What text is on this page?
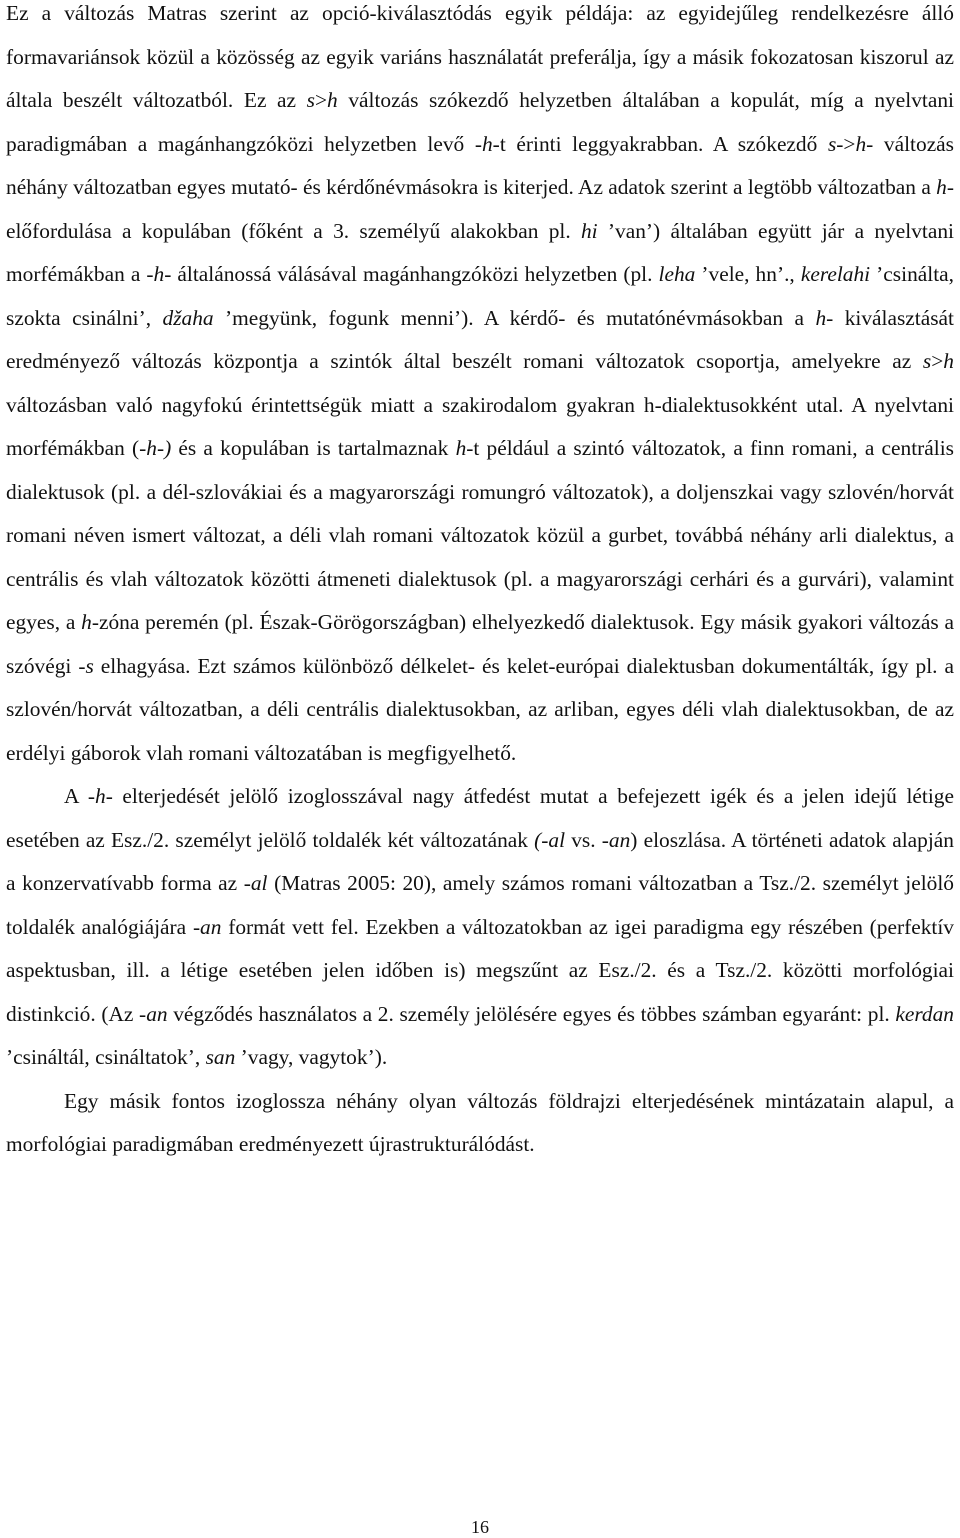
Ez a változás Matras szerint az opció-kiválasztódás egyik példája: az egyidejűleg rendelkezésre álló formavariánsok közül a közösség az egyik variáns használatát preferálja, így a másik fokozatosan kiszorul az általa beszélt változatból. Ez az s>h változás szókezdő helyzetben általában a kopulát, míg a nyelvtani paradigmában a magánhangzóközi helyzetben levő -h-t érinti leggyakrabban. A szókezdő s->h- változás néhány változatban egyes mutató- és kérdőnévmásokra is kiterjed. Az adatok szerint a legtöbb változatban a h- előfordulása a kopulában (főként a 3. személyű alakokban pl. hi ’van’) általában együtt jár a nyelvtani morfémákban a -h- általánossá válásával magánhangzóközi helyzetben (pl. leha ’vele, hn’., kerelahi ’csinálta, szokta csinálni’, džaha ’megyünk, fogunk menni’). A kérdő- és mutatónévmásokban a h- kiválasztását eredményező változás központja a szintók által beszélt romani változatok csoportja, amelyekre az s>h változásban való nagyfokú érintettségük miatt a szakirodalom gyakran h-dialektusokként utal. A nyelvtani morfémákban (-h-) és a kopulában is tartalmaznak h-t például a szintó változatok, a finn romani, a centrális dialektusok (pl. a dél-szlovákiai és a magyarországi romungró változatok), a doljenszkai vagy szlovén/horvát romani néven ismert változat, a déli vlah romani változatok közül a gurbet, továbbá néhány arli dialektus, a centrális és vlah változatok közötti átmeneti dialektusok (pl. a magyarországi cerhári és a gurvári), valamint egyes, a h-zóna peremén (pl. Észak-Görögországban) elhelyezkedő dialektusok. Egy másik gyakori változás a szóvégi -s elhagyása. Ezt számos különböző délkelet- és kelet-európai dialektusban dokumentálták, így pl. a szlovén/horvát változatban, a déli centrális dialektusokban, az arliban, egyes déli vlah dialektusokban, de az erdélyi gáborok vlah romani változatában is megfigyelhető.

A -h- elterjedését jelölő izoglosszával nagy átfedést mutat a befejezett igék és a jelen idejű létige esetében az Esz./2. személyt jelölő toldalék két változatának (-al vs. -an) eloszlása. A történeti adatok alapján a konzervatívabb forma az -al (Matras 2005: 20), amely számos romani változatban a Tsz./2. személyt jelölő toldalék analógiájára -an formát vett fel. Ezekben a változatokban az igei paradigma egy részében (perfektív aspektusban, ill. a létige esetében jelen időben is) megszűnt az Esz./2. és a Tsz./2. közötti morfológiai distinkció. (Az -an végződés használatos a 2. személy jelölésére egyes és többes számban egyaránt: pl. kerdan ’csináltál, csináltatok’, san ’vagy, vagytok’).

Egy másik fontos izoglossza néhány olyan változás földrajzi elterjedésének mintázatain alapul, a morfológiai paradigmában eredményezett újrastrukturálódást.

16
